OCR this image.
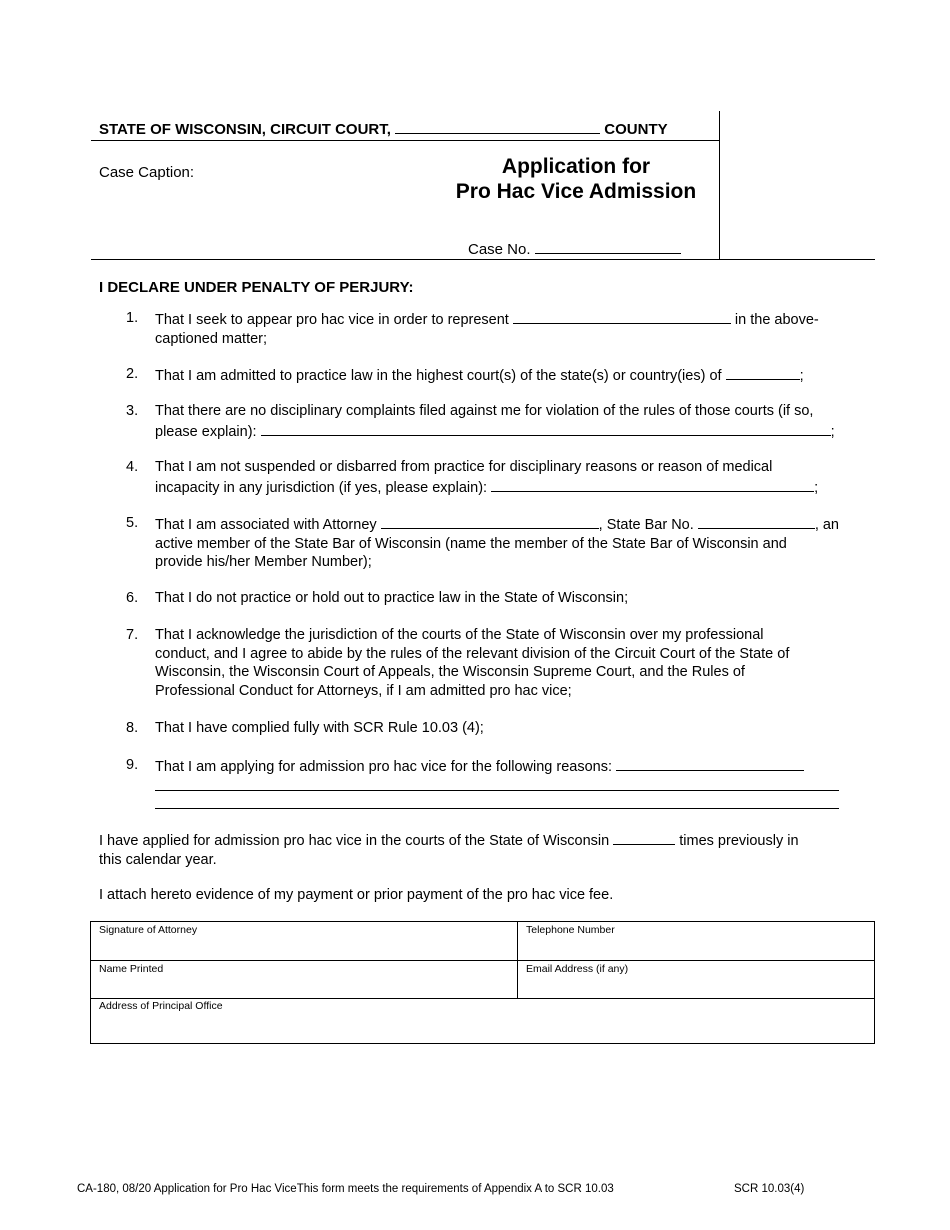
STATE OF WISCONSIN, CIRCUIT COURT,	COUNTY
Case Caption:	Application for
Pro Hac Vice Admission
Case No.
I DECLARE UNDER PENALTY OF PERJURY:
1. That I seek to appear pro hac vice in order to represent	in the above-
captioned matter;
2. That I am admitted to practice law in the highest court(s) of the state(s) or country(ies) of	;
3. That there are no disciplinary complaints filed against me for violation of the rules of those courts (if so,
please explain):	;
4. That I am not suspended or disbarred from practice for disciplinary reasons or reason of medical
incapacity in any jurisdiction (if yes, please explain):	;
5. That I am associated with Attorney	, State Bar No.	, an
active member of the State Bar of Wisconsin (name the member of the State Bar of Wisconsin and
provide his/her Member Number);
6. That I do not practice or hold out to practice law in the State of Wisconsin;
7. That I acknowledge the jurisdiction of the courts of the State of Wisconsin over my professional
conduct, and I agree to abide by the rules of the relevant division of the Circuit Court of the State of
Wisconsin, the Wisconsin Court of Appeals, the Wisconsin Supreme Court, and the Rules of
Professional Conduct for Attorneys, if I am admitted pro hac vice;
8. That I have complied fully with SCR Rule 10.03 (4);
9. That I am applying for admission pro hac vice for the following reasons:
I have applied for admission pro hac vice in the courts of the State of Wisconsin	times previously in
this calendar year.
I attach hereto evidence of my payment or prior payment of the pro hac vice fee.
Signature of Attorney	Telephone Number
Name Printed	Email Address (if any)
Address of Principal Office
CA-180, 08/20 Application for Pro Hac ViceThis form meets the requirements of Appendix A to SCR 10.03	SCR 10.03(4)
